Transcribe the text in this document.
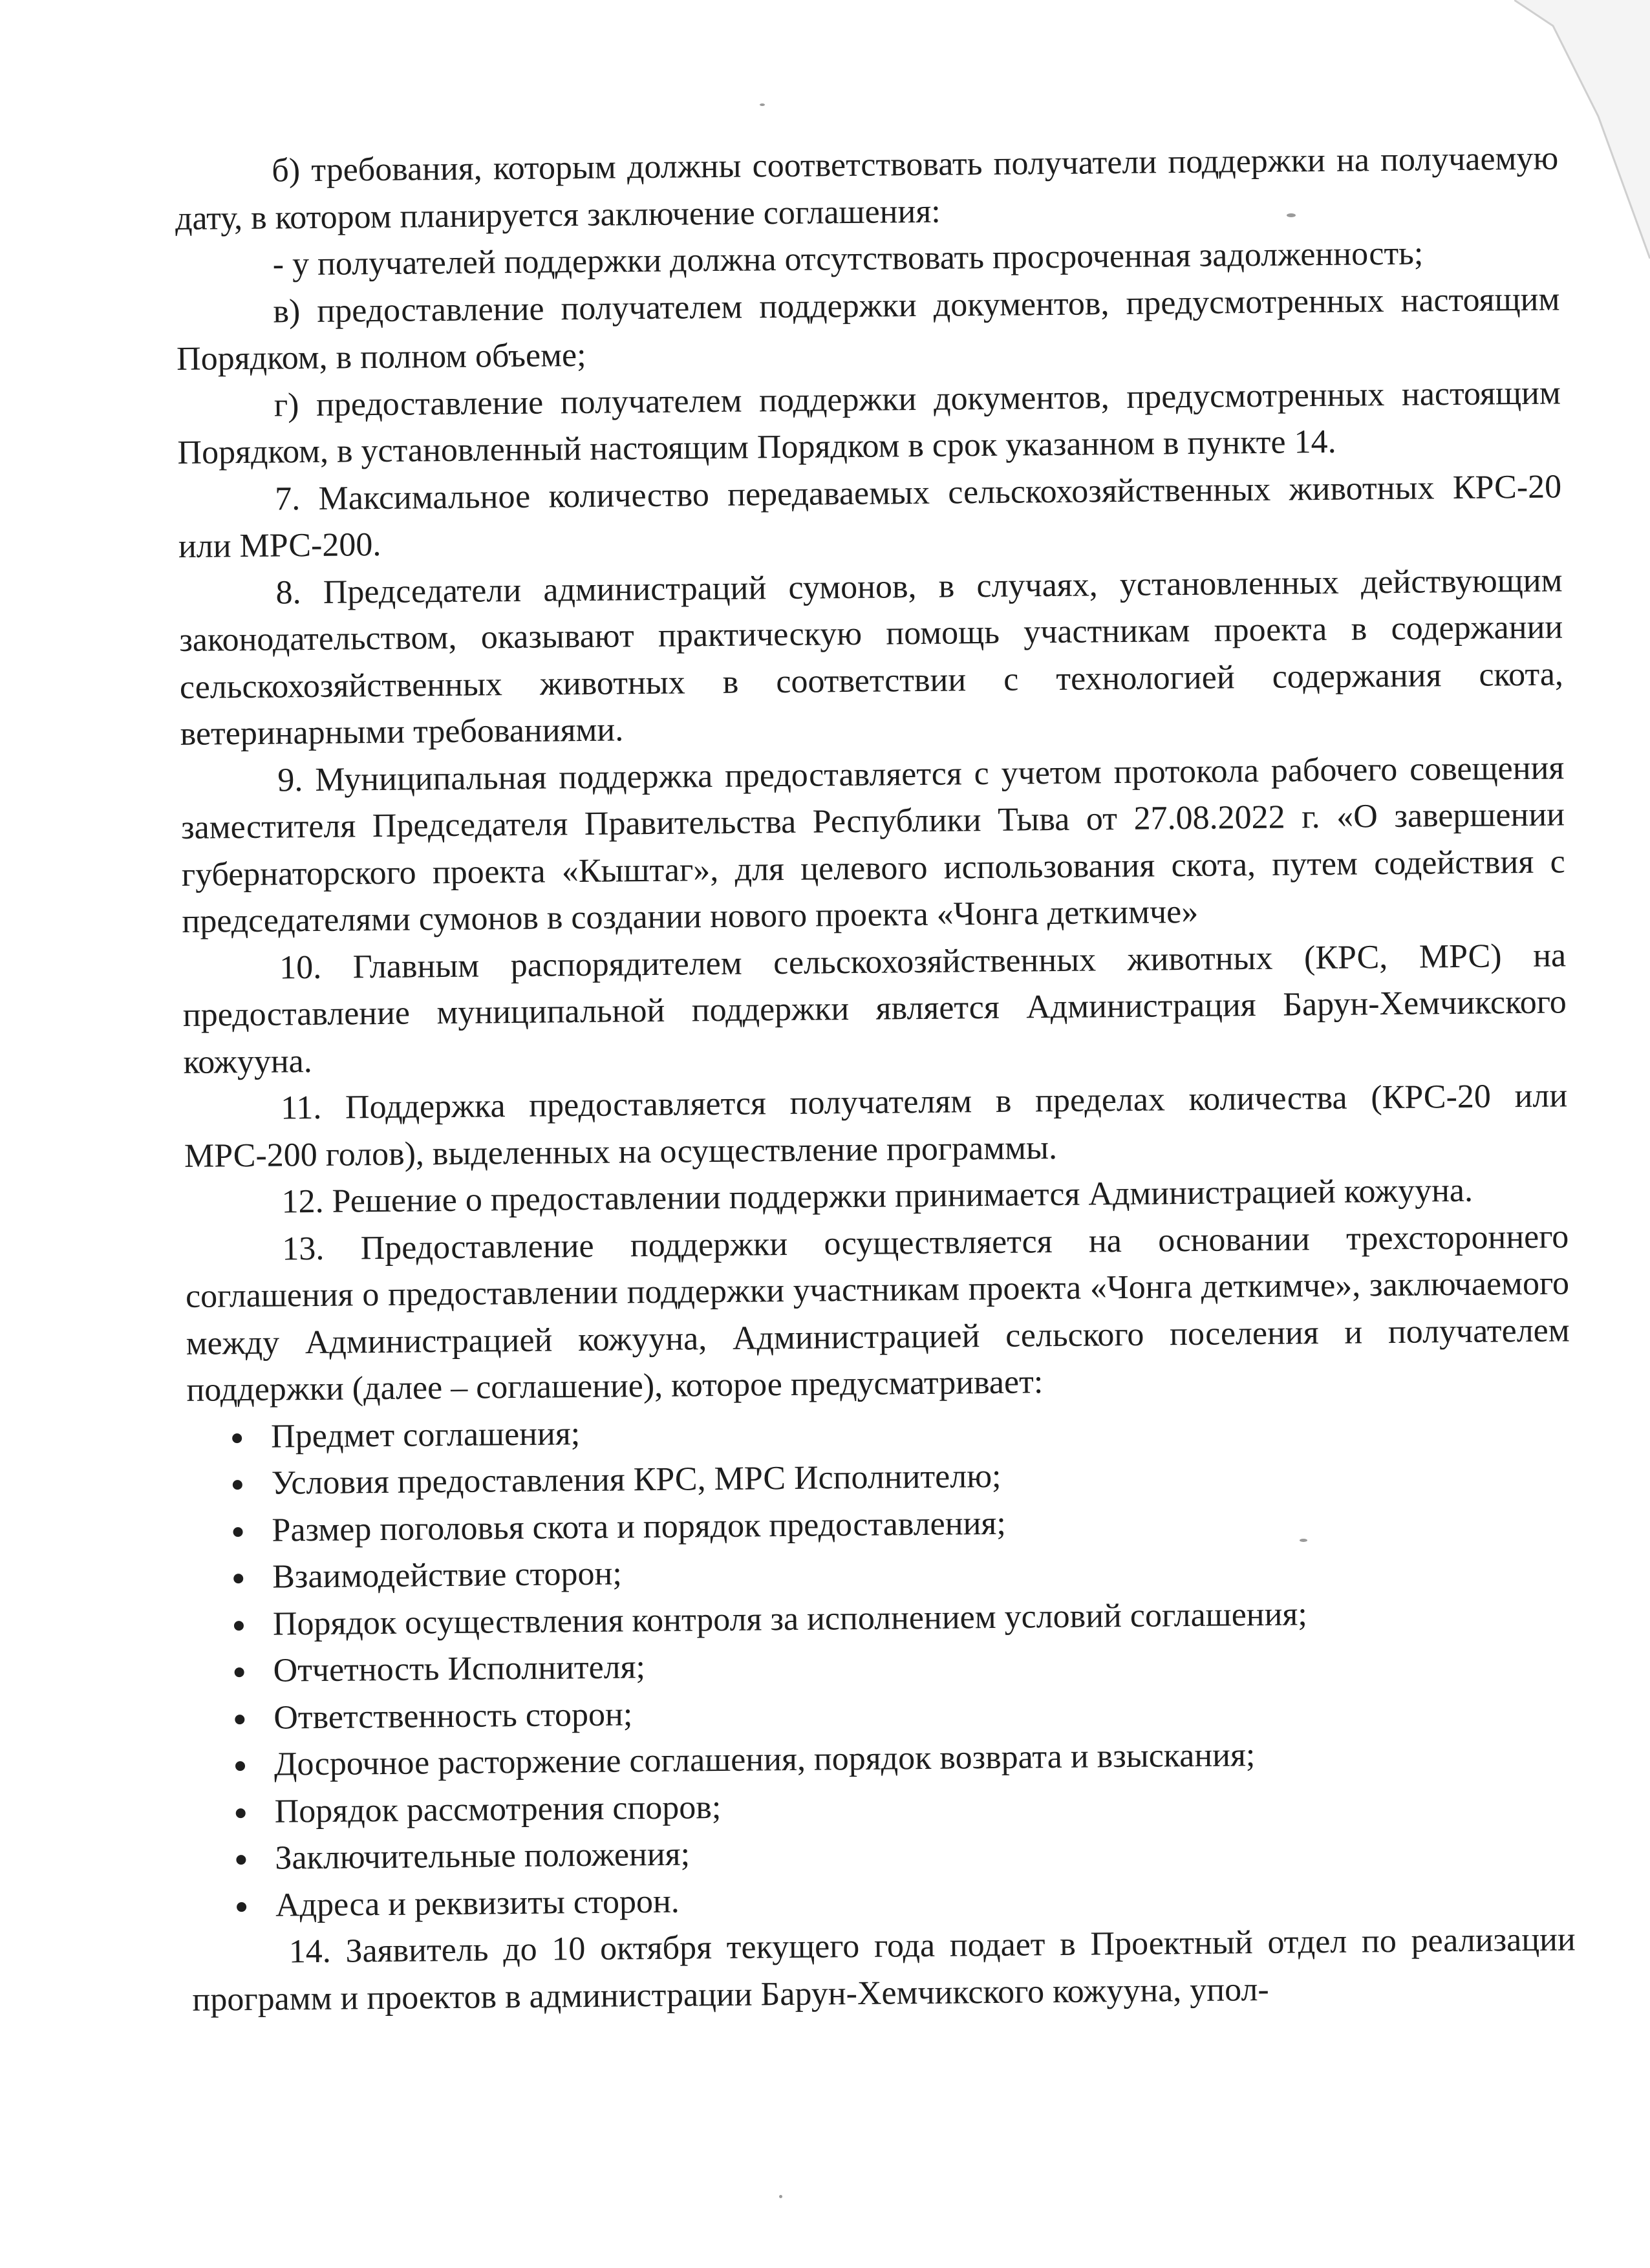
б) требования, которым должны соответствовать получатели поддержки на получаемую дату, в котором планируется заключение соглашения:

- у получателей поддержки должна отсутствовать просроченная задолженность;

в) предоставление получателем поддержки документов, предусмотренных настоящим Порядком, в полном объеме;

г) предоставление получателем поддержки документов, предусмотренных настоящим Порядком, в установленный настоящим Порядком в срок указанном в пункте 14.

7. Максимальное количество передаваемых сельскохозяйственных животных КРС-20 или МРС-200.

8. Председатели администраций сумонов, в случаях, установленных действующим законодательством, оказывают практическую помощь участникам проекта в содержании сельскохозяйственных животных в соответствии с технологией содержания скота, ветеринарными требованиями.

9. Муниципальная поддержка предоставляется с учетом протокола рабочего совещения заместителя Председателя Правительства Республики Тыва от 27.08.2022 г. «О завершении губернаторского проекта «Кыштаг», для целевого использования скота, путем содействия с председателями сумонов в создании нового проекта «Чонга деткимче»

10. Главным распорядителем сельскохозяйственных животных (КРС, МРС) на предоставление муниципальной поддержки является Администрация Барун-Хемчикского кожууна.

11. Поддержка предоставляется получателям в пределах количества (КРС-20 или МРС-200 голов), выделенных на осуществление программы.

12. Решение о предоставлении поддержки принимается Администрацией кожууна.

13. Предоставление поддержки осуществляется на основании трехстороннего соглашения о предоставлении поддержки участникам проекта «Чонга деткимче», заключаемого между Администрацией кожууна, Администрацией сельского поселения и получателем поддержки (далее – соглашение), которое предусматривает:

Предмет соглашения;
Условия предоставления КРС, МРС Исполнителю;
Размер поголовья скота и порядок предоставления;
Взаимодействие сторон;
Порядок осуществления контроля за исполнением условий соглашения;
Отчетность Исполнителя;
Ответственность сторон;
Досрочное расторжение соглашения, порядок возврата и взыскания;
Порядок рассмотрения споров;
Заключительные положения;
Адреса и реквизиты сторон.

14. Заявитель до 10 октября текущего года подает в Проектный отдел по реализации программ и проектов в администрации Барун-Хемчикского кожууна, упол-
